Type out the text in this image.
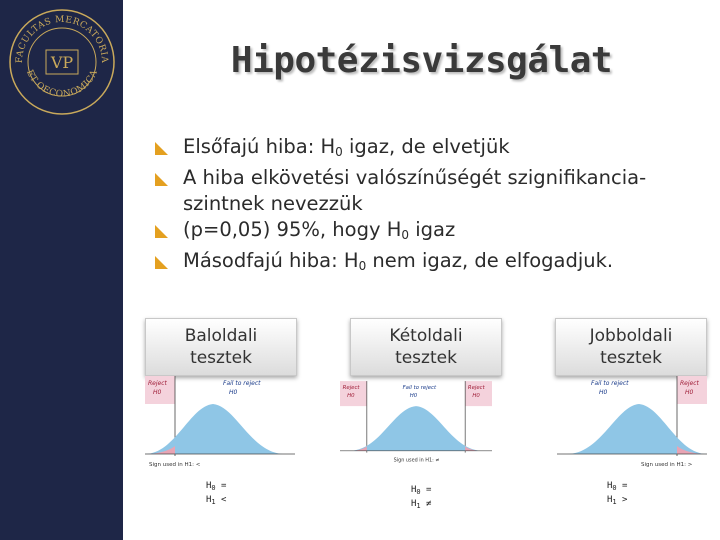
FACULTAS MERCATORIA
ET OECONOMICA
VP	Hipotézisvizsgálat
Elsőfajú hiba: $H_0$ igaz, de elvetjük
A hiba elkövetési valószínűségét szignifikancia-szintnek nevezzük
(p=0,05) 95%, hogy $H_0$ igaz
Másodfajú hiba: $H_0$ nem igaz, de elfogadjuk.
Baloldali
tesztek
Reject
H0
Fail to reject
H0
Sign used in H1: <
$H_0$ =
$H_1$ <
Kétoldali
tesztek
Reject
H0
Reject
H0
Fail to reject
H0
Sign used in H1: ≠
$H_0$ =
$H_1$ ≠
Jobboldali
tesztek
Reject
H0
Fail to reject
H0
Sign used in H1: >
$H_0$ =
$H_1$ >
